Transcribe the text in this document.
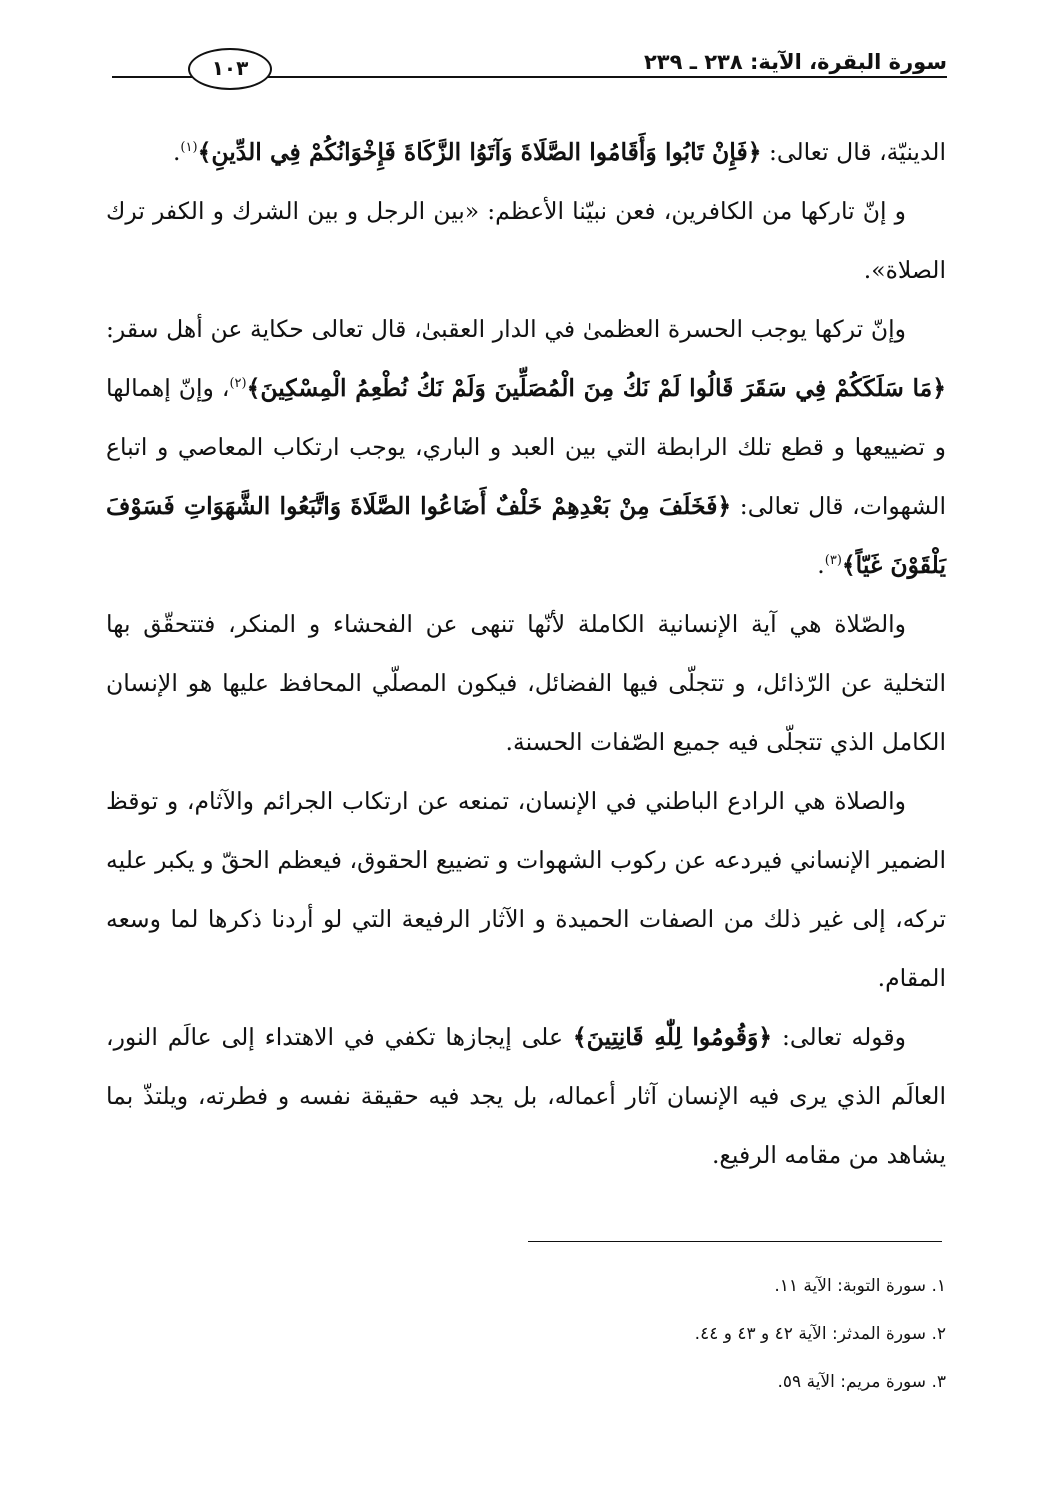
سورة البقرة، الآية: ٢٣٨ ـ ٢٣٩
١٠٣

الدينيّة، قال تعالى: ﴿فَإِنْ تَابُوا وَأَقَامُوا الصَّلَاةَ وَآتَوُا الزَّكَاةَ فَإِخْوَانُكُمْ فِي الدِّينِ﴾$^{(١)}$.

و إنّ تاركها من الكافرين، فعن نبيّنا الأعظم: «بين الرجل و بين الشرك و الكفر ترك الصلاة».

وإنّ تركها يوجب الحسرة العظمىٰ في الدار العقبىٰ، قال تعالى حكاية عن أهل سقر: ﴿مَا سَلَكَكُمْ فِي سَقَرَ قَالُوا لَمْ نَكُ مِنَ الْمُصَلِّينَ وَلَمْ نَكُ نُطْعِمُ الْمِسْكِينَ﴾$^{(٢)}$، وإنّ إهمالها و تضييعها و قطع تلك الرابطة التي بين العبد و الباري، يوجب ارتكاب المعاصي و اتباع الشهوات، قال تعالى: ﴿فَخَلَفَ مِنْ بَعْدِهِمْ خَلْفٌ أَضَاعُوا الصَّلَاةَ وَاتَّبَعُوا الشَّهَوَاتِ فَسَوْفَ يَلْقَوْنَ غَيّاً﴾$^{(٣)}$.

والصّلاة هي آية الإنسانية الكاملة لأنّها تنهى عن الفحشاء و المنكر، فتتحقّق بها التخلية عن الرّذائل، و تتجلّى فيها الفضائل، فيكون المصلّي المحافظ عليها هو الإنسان الكامل الذي تتجلّى فيه جميع الصّفات الحسنة.

والصلاة هي الرادع الباطني في الإنسان، تمنعه عن ارتكاب الجرائم والآثام، و توقظ الضمير الإنساني فيردعه عن ركوب الشهوات و تضييع الحقوق، فيعظم الحقّ و يكبر عليه تركه، إلى غير ذلك من الصفات الحميدة و الآثار الرفيعة التي لو أردنا ذكرها لما وسعه المقام.

وقوله تعالى: ﴿وَقُومُوا لِلّٰهِ قَانِتِينَ﴾ على إيجازها تكفي في الاهتداء إلى عالَم النور، العالَم الذي يرى فيه الإنسان آثار أعماله، بل يجد فيه حقيقة نفسه و فطرته، ويلتذّ بما يشاهد من مقامه الرفيع.

١. سورة التوبة: الآية ١١.

٢. سورة المدثر: الآية ٤٢ و ٤٣ و ٤٤.

٣. سورة مريم: الآية ٥٩.
